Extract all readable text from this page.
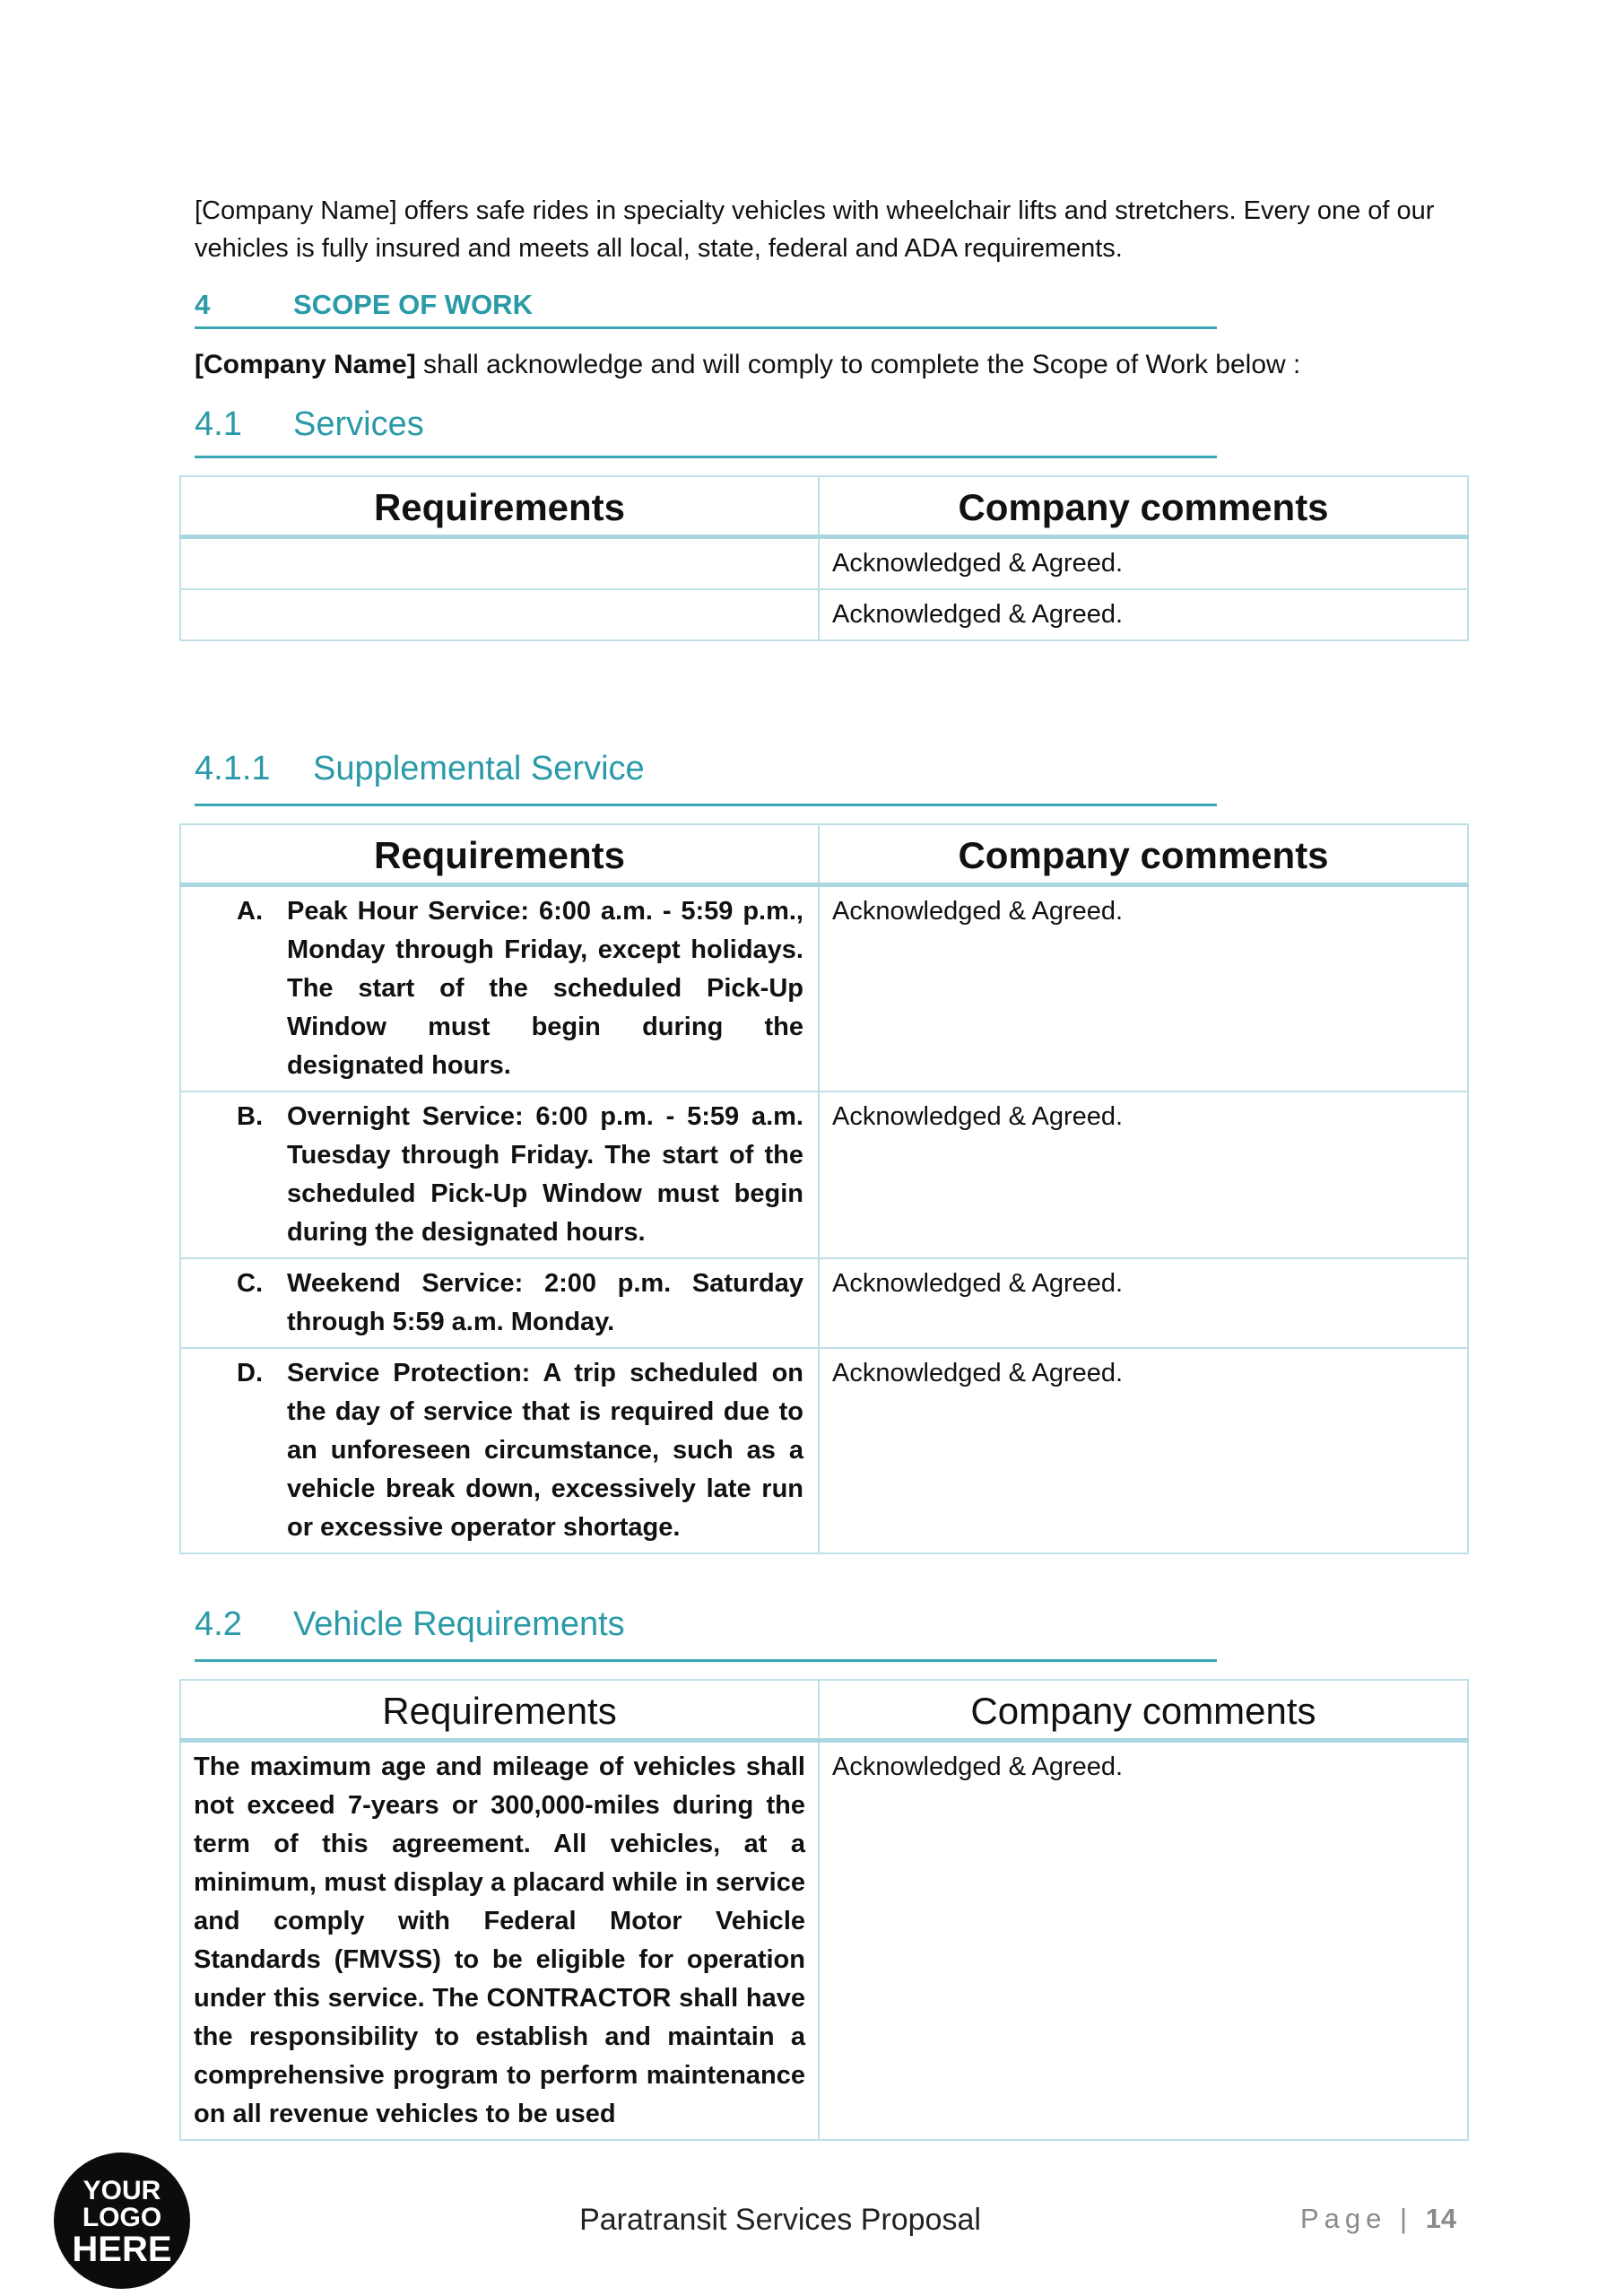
[Company Name] offers safe rides in specialty vehicles with wheelchair lifts and stretchers. Every one of our vehicles is fully insured and meets all local, state, federal and ADA requirements.
4	SCOPE OF WORK
[Company Name] shall acknowledge and will comply to complete the Scope of Work below :
4.1 Services
Requirements	Company comments
	Acknowledged & Agreed.
	Acknowledged & Agreed.
4.1.1 Supplemental Service
Requirements	Company comments

A. Peak Hour Service: 6:00 a.m. - 5:59 p.m., Monday through Friday, except holidays. The start of the scheduled Pick-Up Window must begin during the designated hours.	Acknowledged & Agreed.

B. Overnight Service: 6:00 p.m. - 5:59 a.m. Tuesday through Friday. The start of the scheduled Pick-Up Window must begin during the designated hours.	Acknowledged & Agreed.

C. Weekend Service: 2:00 p.m. Saturday through 5:59 a.m. Monday.	Acknowledged & Agreed.

D. Service Protection: A trip scheduled on the day of service that is required due to an unforeseen circumstance, such as a vehicle break down, excessively late run or excessive operator shortage.	Acknowledged & Agreed.
4.2 Vehicle Requirements
Requirements	Company comments

The maximum age and mileage of vehicles shall not exceed 7-years or 300,000-miles during the term of this agreement. All vehicles, at a minimum, must display a placard while in service and comply with Federal Motor Vehicle Standards (FMVSS) to be eligible for operation under this service. The CONTRACTOR shall have the responsibility to establish and maintain a comprehensive program to perform maintenance on all revenue vehicles to be used	Acknowledged & Agreed.
YOUR
LOGO
HERE
Paratransit Services Proposal	Page | 14
